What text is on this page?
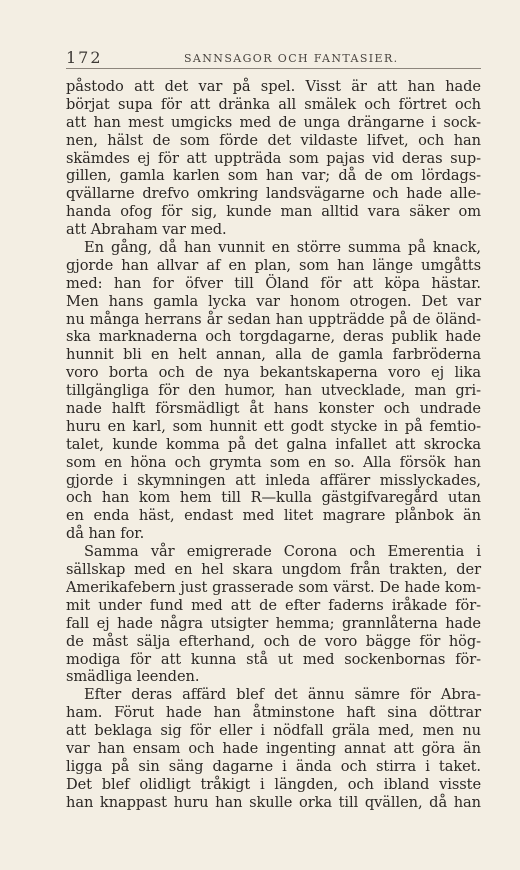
172	SANNSAGOR OCH FANTASIER.
påstodo att det var på spel. Visst är att han hade
börjat supa för att dränka all smälek och förtret och
att han mest umgicks med de unga drängarne i sock-
nen, hälst de som förde det vildaste lifvet, och han
skämdes ej för att uppträda som pajas vid deras sup-
gillen, gamla karlen som han var; då de om lördags-
qvällarne drefvo omkring landsvägarne och hade alle-
handa ofog för sig, kunde man alltid vara säker om
att Abraham var med.
En gång, då han vunnit en större summa på knack,
gjorde han allvar af en plan, som han länge umgåtts
med: han for öfver till Öland för att köpa hästar.
Men hans gamla lycka var honom otrogen. Det var
nu många herrans år sedan han uppträdde på de öländ-
ska marknaderna och torgdagarne, deras publik hade
hunnit bli en helt annan, alla de gamla farbröderna
voro borta och de nya bekantskaperna voro ej lika
tillgängliga för den humor, han utvecklade, man gri-
nade halft försmädligt åt hans konster och undrade
huru en karl, som hunnit ett godt stycke in på femtio-
talet, kunde komma på det galna infallet att skrocka
som en höna och grymta som en so. Alla försök han
gjorde i skymningen att inleda affärer misslyckades,
och han kom hem till R—kulla gästgifvaregård utan
en enda häst, endast med litet magrare plånbok än
då han for.
Samma vår emigrerade Corona och Emerentia i
sällskap med en hel skara ungdom från trakten, der
Amerikafebern just grasserade som värst. De hade kom-
mit under fund med att de efter faderns iråkade för-
fall ej hade några utsigter hemma; grannlåterna hade
de måst sälja efterhand, och de voro bägge för hög-
modiga för att kunna stå ut med sockenbornas för-
smädliga leenden.
Efter deras affärd blef det ännu sämre för Abra-
ham. Förut hade han åtminstone haft sina döttrar
att beklaga sig för eller i nödfall gräla med, men nu
var han ensam och hade ingenting annat att göra än
ligga på sin säng dagarne i ända och stirra i taket.
Det blef olidligt tråkigt i längden, och ibland visste
han knappast huru han skulle orka till qvällen, då han
